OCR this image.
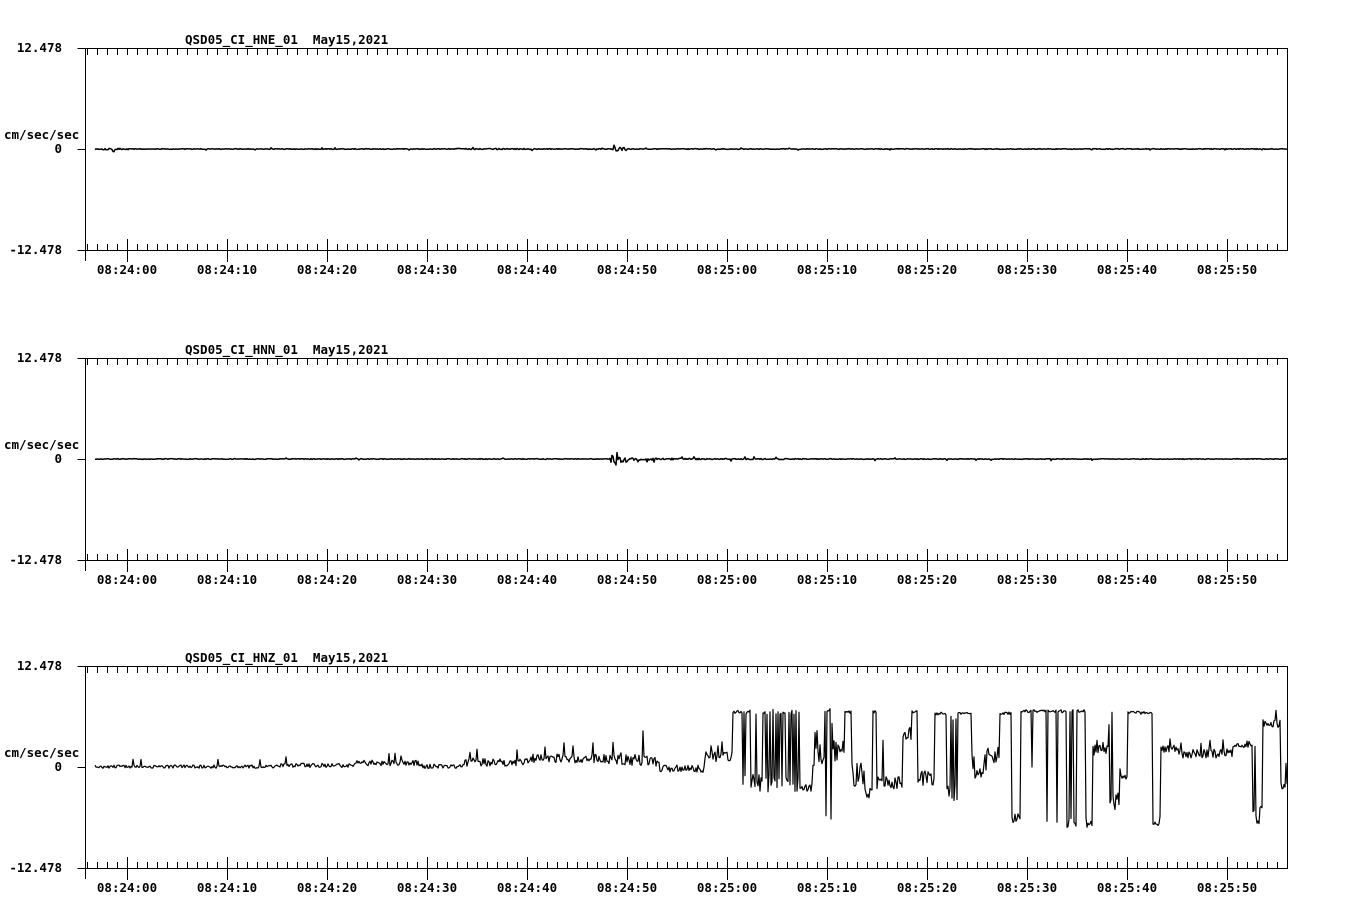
QSD05_CI_HNE_01  May15,2021
12.478
cm/sec/sec
0
-12.478
08:24:00	08:24:10	08:24:20	08:24:30	08:24:40	08:24:50	08:25:00	08:25:10	08:25:20	08:25:30	08:25:40	08:25:50
QSD05_CI_HNN_01  May15,2021
12.478
cm/sec/sec
0
-12.478
08:24:00	08:24:10	08:24:20	08:24:30	08:24:40	08:24:50	08:25:00	08:25:10	08:25:20	08:25:30	08:25:40	08:25:50
QSD05_CI_HNZ_01  May15,2021
12.478
cm/sec/sec
0
-12.478
08:24:00	08:24:10	08:24:20	08:24:30	08:24:40	08:24:50	08:25:00	08:25:10	08:25:20	08:25:30	08:25:40	08:25:50
